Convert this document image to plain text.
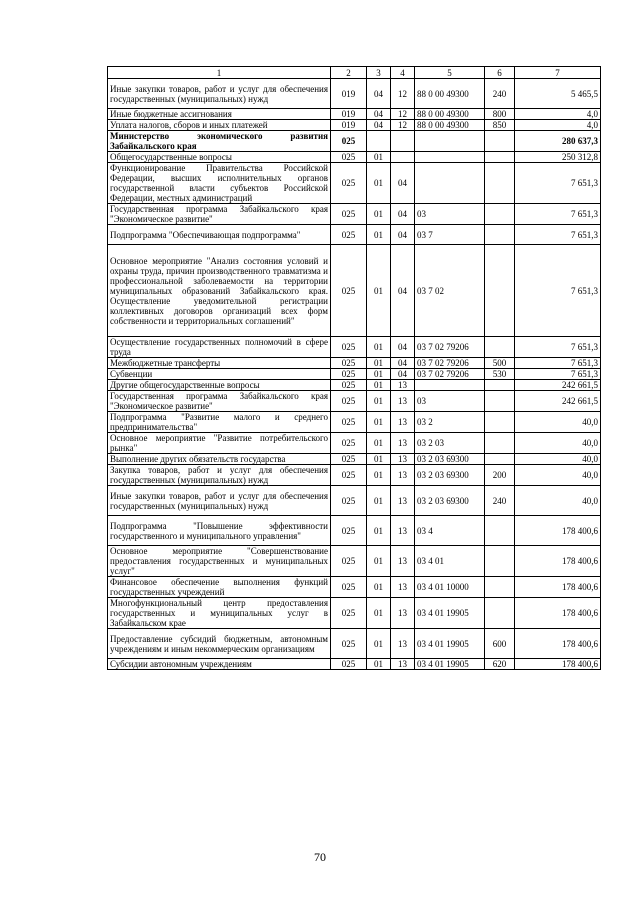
1	2	3	4	5	6	7
Иные закупки товаров, работ и услуг для обеспечения государственных (муниципальных) нужд	019	04	12	88 0 00 49300	240	5 465,5
Иные бюджетные ассигнования	019	04	12	88 0 00 49300	800	4,0
Уплата налогов, сборов и иных платежей	019	04	12	88 0 00 49300	850	4,0
Министерство экономического развития Забайкальского края	025					280 637,3
Общегосударственные вопросы	025	01				250 312,8
Функционирование Правительства Российской Федерации, высших исполнительных органов государственной власти субъектов Российской Федерации, местных администраций	025	01	04			7 651,3
Государственная программа Забайкальского края "Экономическое развитие"	025	01	04	03		7 651,3
Подпрограмма "Обеспечивающая подпрограмма"	025	01	04	03 7		7 651,3
Основное мероприятие "Анализ состояния условий и охраны труда, причин производственного травматизма и профессиональной заболеваемости на территории муниципальных образований Забайкальского края. Осуществление уведомительной регистрации коллективных договоров организаций всех форм собственности и территориальных соглашений"	025	01	04	03 7 02		7 651,3
Осуществление государственных полномочий в сфере труда	025	01	04	03 7 02 79206		7 651,3
Межбюджетные трансферты	025	01	04	03 7 02 79206	500	7 651,3
Субвенции	025	01	04	03 7 02 79206	530	7 651,3
Другие общегосударственные вопросы	025	01	13			242 661,5
Государственная программа Забайкальского края "Экономическое развитие"	025	01	13	03		242 661,5
Подпрограмма "Развитие малого и среднего предпринимательства"	025	01	13	03 2		40,0
Основное мероприятие "Развитие потребительского рынка"	025	01	13	03 2 03		40,0
Выполнение других обязательств государства	025	01	13	03 2 03 69300		40,0
Закупка товаров, работ и услуг для обеспечения государственных (муниципальных) нужд	025	01	13	03 2 03 69300	200	40,0
Иные закупки товаров, работ и услуг для обеспечения государственных (муниципальных) нужд	025	01	13	03 2 03 69300	240	40,0
Подпрограмма "Повышение эффективности государственного и муниципального управления"	025	01	13	03 4		178 400,6
Основное мероприятие "Совершенствование предоставления государственных и муниципальных услуг"	025	01	13	03 4 01		178 400,6
Финансовое обеспечение выполнения функций государственных учреждений	025	01	13	03 4 01 10000		178 400,6
Многофункциональный центр предоставления государственных и муниципальных услуг в Забайкальском крае	025	01	13	03 4 01 19905		178 400,6
Предоставление субсидий бюджетным, автономным учреждениям и иным некоммерческим организациям	025	01	13	03 4 01 19905	600	178 400,6
Субсидии автономным учреждениям	025	01	13	03 4 01 19905	620	178 400,6
70
